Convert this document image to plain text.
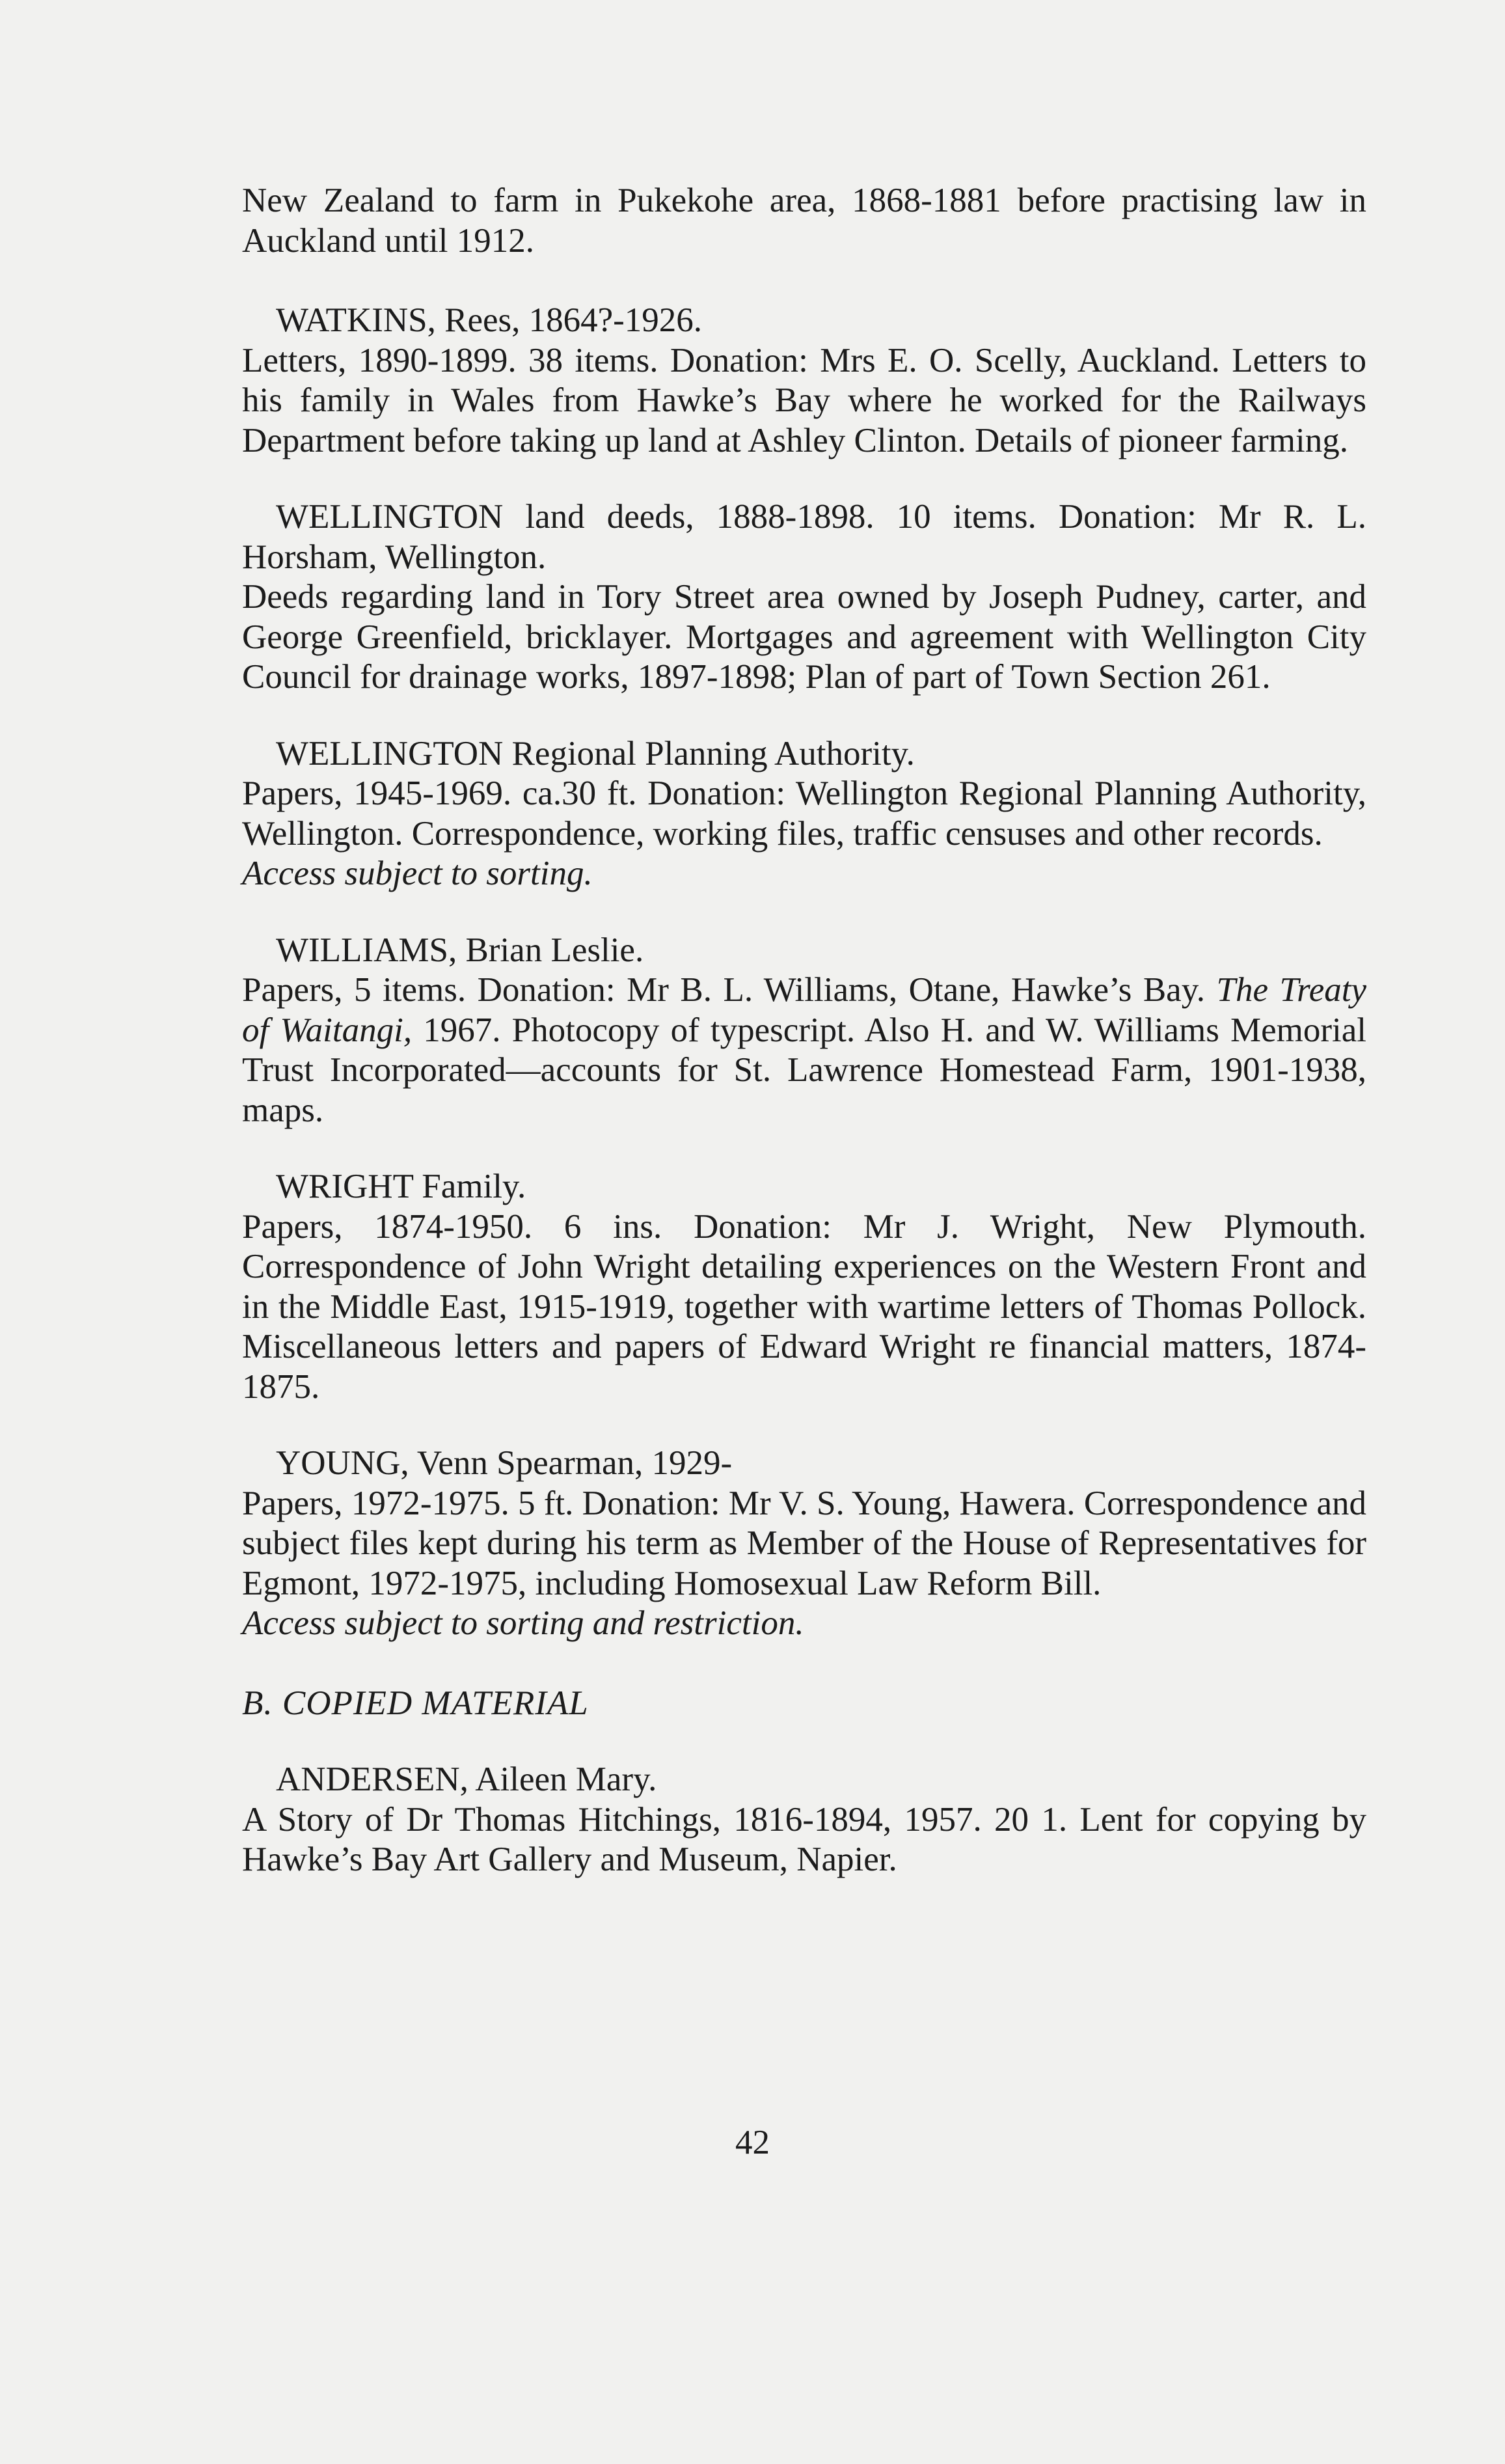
New Zealand to farm in Pukekohe area, 1868-1881 before practising law in Auckland until 1912.

WATKINS, Rees, 1864?-1926.

Letters, 1890-1899. 38 items. Donation: Mrs E. O. Scelly, Auckland. Letters to his family in Wales from Hawke’s Bay where he worked for the Railways Department before taking up land at Ashley Clinton. Details of pioneer farming.

WELLINGTON land deeds, 1888-1898. 10 items. Donation: Mr R. L. Horsham, Wellington.

Deeds regarding land in Tory Street area owned by Joseph Pudney, carter, and George Greenfield, bricklayer. Mortgages and agreement with Wellington City Council for drainage works, 1897-1898; Plan of part of Town Section 261.

WELLINGTON Regional Planning Authority.

Papers, 1945-1969. ca.30 ft. Donation: Wellington Regional Planning Authority, Wellington. Correspondence, working files, traffic censuses and other records.

Access subject to sorting.

WILLIAMS, Brian Leslie.

Papers, 5 items. Donation: Mr B. L. Williams, Otane, Hawke’s Bay. The Treaty of Waitangi, 1967. Photocopy of typescript. Also H. and W. Williams Memorial Trust Incorporated—accounts for St. Lawrence Homestead Farm, 1901-1938, maps.

WRIGHT Family.

Papers, 1874-1950. 6 ins. Donation: Mr J. Wright, New Plymouth. Correspondence of John Wright detailing experiences on the Western Front and in the Middle East, 1915-1919, together with wartime letters of Thomas Pollock. Miscellaneous letters and papers of Edward Wright re financial matters, 1874-1875.

YOUNG, Venn Spearman, 1929-

Papers, 1972-1975. 5 ft. Donation: Mr V. S. Young, Hawera. Correspondence and subject files kept during his term as Member of the House of Representatives for Egmont, 1972-1975, including Homosexual Law Reform Bill.

Access subject to sorting and restriction.

B. COPIED MATERIAL

ANDERSEN, Aileen Mary.

A Story of Dr Thomas Hitchings, 1816-1894, 1957. 20 1. Lent for copying by Hawke’s Bay Art Gallery and Museum, Napier.

42
